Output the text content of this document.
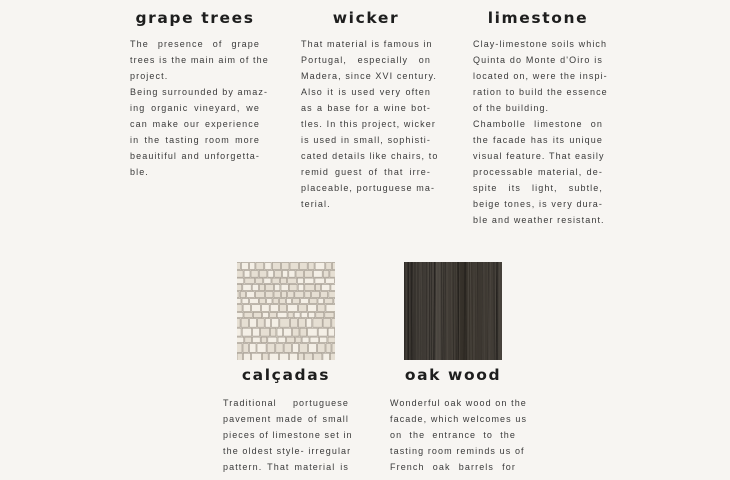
grape trees

The presence of grape
trees is the main aim of the
project.
Being surrounded by amaz-
ing organic vineyard, we
can make our experience
in the tasting room more
beauitiful and unforgetta-
ble.

wicker

That material is famous in
Portugal, especially on
Madera, since XVI century.
Also it is used very often
as a base for a wine bot-
tles. In this project, wicker
is used in small, sophisti-
cated details like chairs, to
remid guest of that irre-
placeable, portuguese ma-
terial.

limestone

Clay-limestone soils which
Quinta do Monte d'Oiro is
located on, were the inspi-
ration to build the essence
of the building.
Chambolle limestone on
the facade has its unique
visual feature. That easily
processable material, de-
spite its light, subtle,
beige tones, is very dura-
ble and weather resistant.

calçadas

Traditional portuguese
pavement made of small
pieces of limestone set in
the oldest style- irregular
pattern. That material is

oak wood

Wonderful oak wood on the
facade, which welcomes us
on the entrance to the
tasting room reminds us of
French oak barrels for
